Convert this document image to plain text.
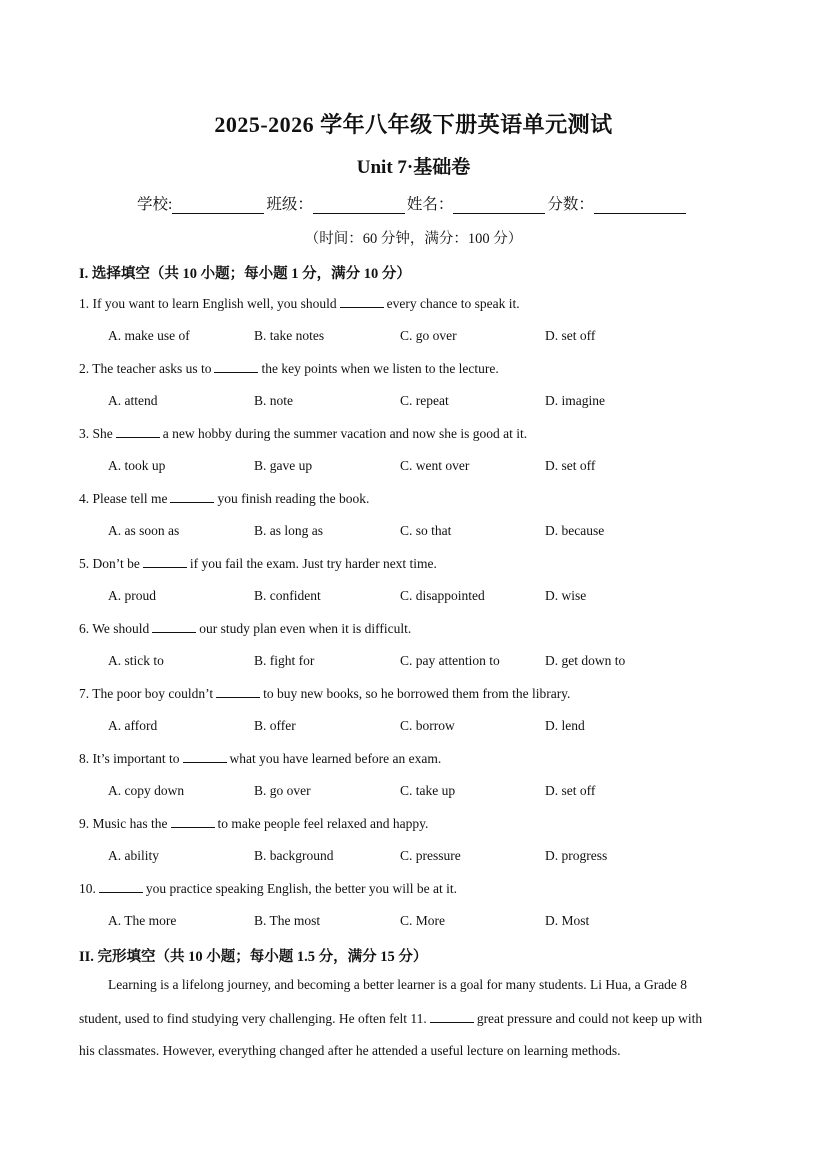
2025-2026 学年八年级下册英语单元测试
Unit 7·基础卷
学校:	班级：	姓名：	分数：
（时间：60 分钟，满分：100 分）
I. 选择填空（共 10 小题；每小题 1 分，满分 10 分）
1. If you want to learn English well, you should	every chance to speak it.
A. make use of	B. take notes	C. go over	D. set off
2. The teacher asks us to	the key points when we listen to the lecture.
A. attend	B. note	C. repeat	D. imagine
3. She	a new hobby during the summer vacation and now she is good at it.
A. took up	B. gave up	C. went over	D. set off
4. Please tell me	you finish reading the book.
A. as soon as	B. as long as	C. so that	D. because
5. Don’t be	if you fail the exam. Just try harder next time.
A. proud	B. confident	C. disappointed	D. wise
6. We should	our study plan even when it is difficult.
A. stick to	B. fight for	C. pay attention to	D. get down to
7. The poor boy couldn’t	to buy new books, so he borrowed them from the library.
A. afford	B. offer	C. borrow	D. lend
8. It’s important to	what you have learned before an exam.
A. copy down	B. go over	C. take up	D. set off
9. Music has the	to make people feel relaxed and happy.
A. ability	B. background	C. pressure	D. progress
10.	you practice speaking English, the better you will be at it.
A. The more	B. The most	C. More	D. Most
II. 完形填空（共 10 小题；每小题 1.5 分，满分 15 分）
Learning is a lifelong journey, and becoming a better learner is a goal for many students. Li Hua, a Grade 8
student, used to find studying very challenging. He often felt 11.	great pressure and could not keep up with
his classmates. However, everything changed after he attended a useful lecture on learning methods.
